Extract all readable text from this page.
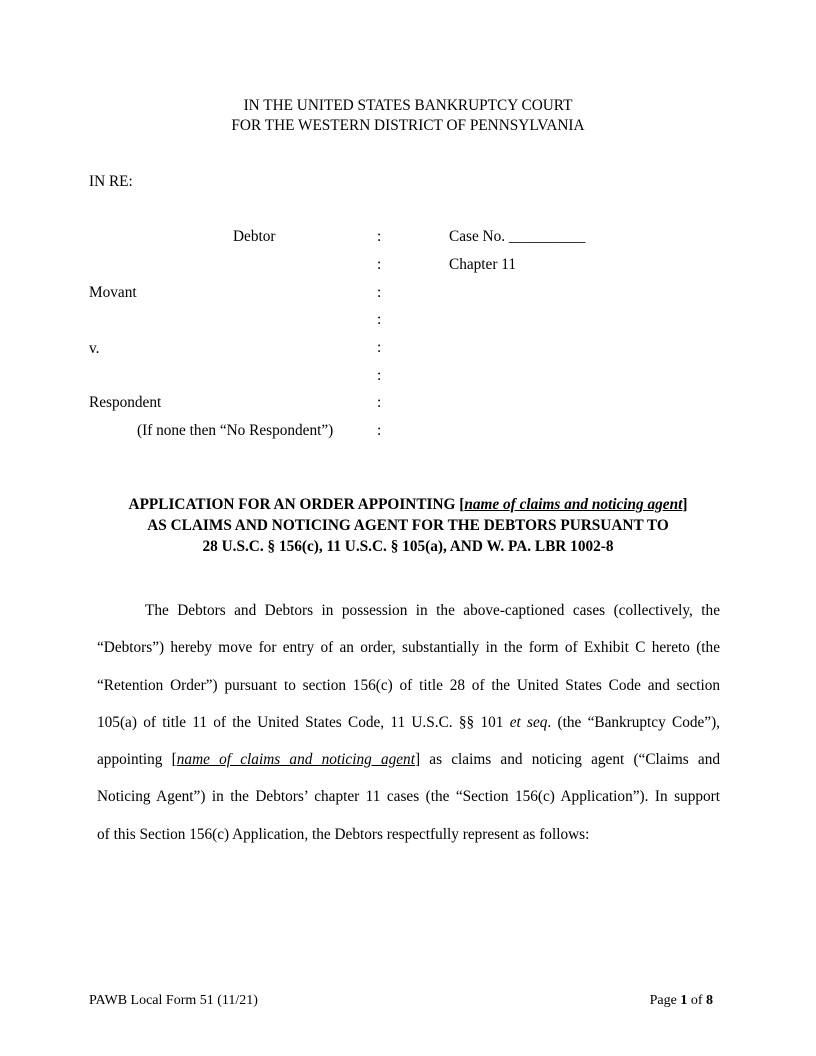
IN THE UNITED STATES BANKRUPTCY COURT
FOR THE WESTERN DISTRICT OF PENNSYLVANIA
IN RE:
Debtor
Movant
v.
Respondent
(If none then “No Respondent”)
:
:
:
:
:
:
:
:
Case No. __________
Chapter 11
APPLICATION FOR AN ORDER APPOINTING [name of claims and noticing agent]
AS CLAIMS AND NOTICING AGENT FOR THE DEBTORS PURSUANT TO
28 U.S.C. § 156(c), 11 U.S.C. § 105(a), AND W. PA. LBR 1002-8
The Debtors and Debtors in possession in the above-captioned cases (collectively, the
“Debtors”) hereby move for entry of an order, substantially in the form of Exhibit C hereto (the
“Retention Order”) pursuant to section 156(c) of title 28 of the United States Code and section
105(a) of title 11 of the United States Code, 11 U.S.C. §§ 101 et seq. (the “Bankruptcy Code”),
appointing [name of claims and noticing agent] as claims and noticing agent (“Claims and
Noticing Agent”) in the Debtors’ chapter 11 cases (the “Section 156(c) Application”). In support
of this Section 156(c) Application, the Debtors respectfully represent as follows:
PAWB Local Form 51 (11/21)	Page 1 of 8
